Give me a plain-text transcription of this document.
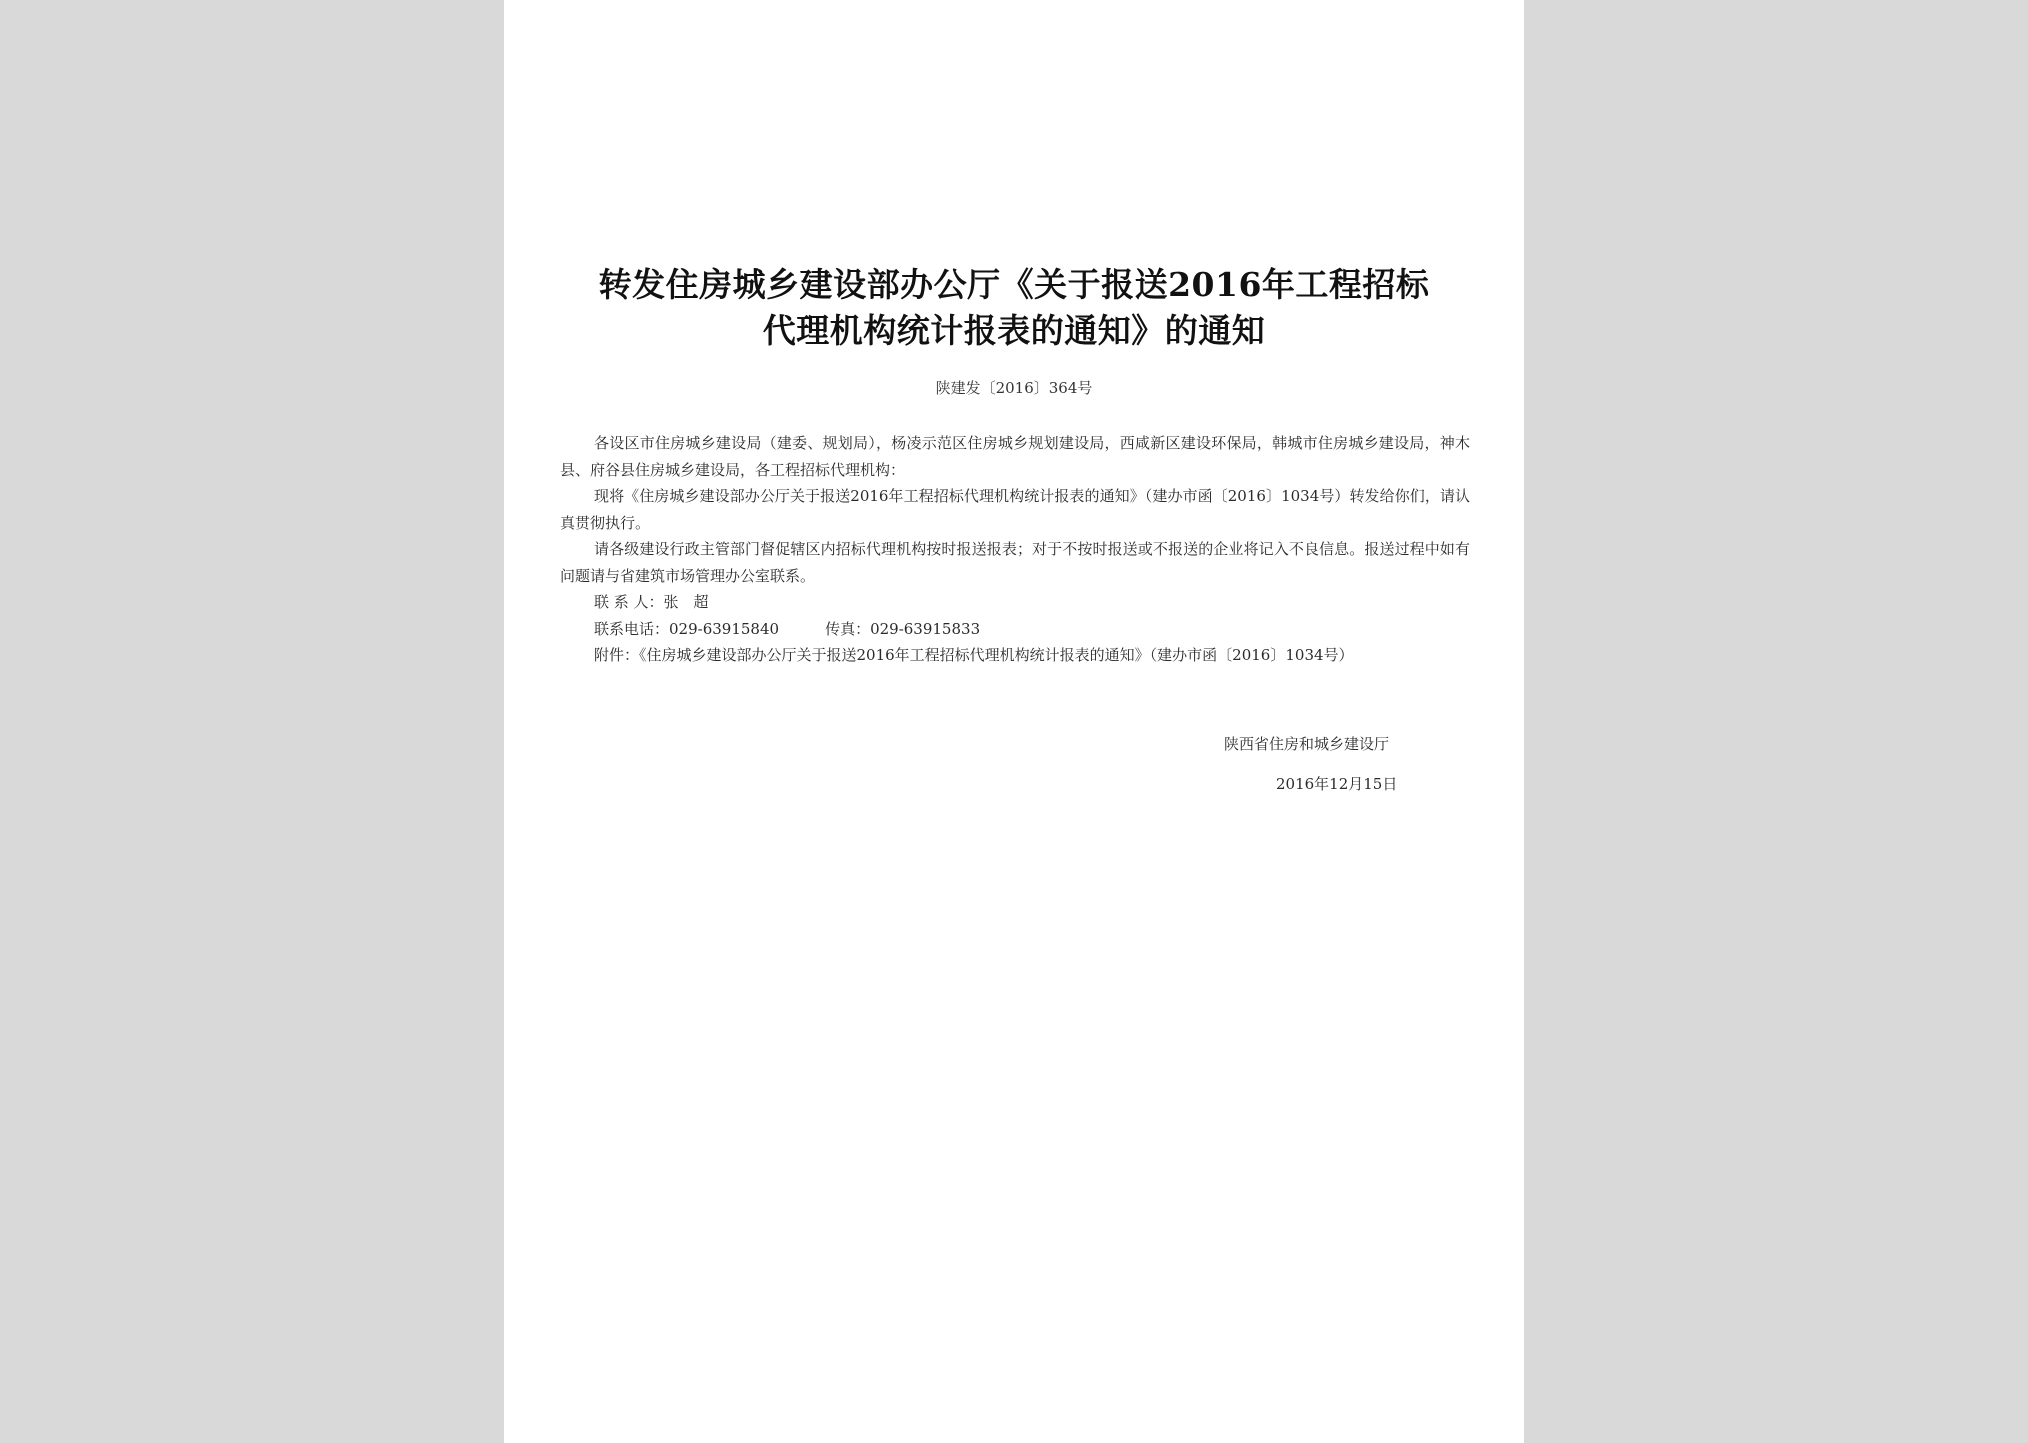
转发住房城乡建设部办公厅《关于报送2016年工程招标
代理机构统计报表的通知》的通知
陕建发〔2016〕364号

各设区市住房城乡建设局（建委、规划局），杨凌示范区住房城乡规划建设局，西咸新区建设环保局，韩城市住房城乡建设局，神木县、府谷县住房城乡建设局，各工程招标代理机构：

现将《住房城乡建设部办公厅关于报送2016年工程招标代理机构统计报表的通知》（建办市函〔2016〕1034号）转发给你们，请认真贯彻执行。

请各级建设行政主管部门督促辖区内招标代理机构按时报送报表；对于不按时报送或不报送的企业将记入不良信息。报送过程中如有问题请与省建筑市场管理办公室联系。

联 系 人：张　超

联系电话：029-63915840	传真：029-63915833

附件：《住房城乡建设部办公厅关于报送2016年工程招标代理机构统计报表的通知》（建办市函〔2016〕1034号）

陕西省住房和城乡建设厅
2016年12月15日
